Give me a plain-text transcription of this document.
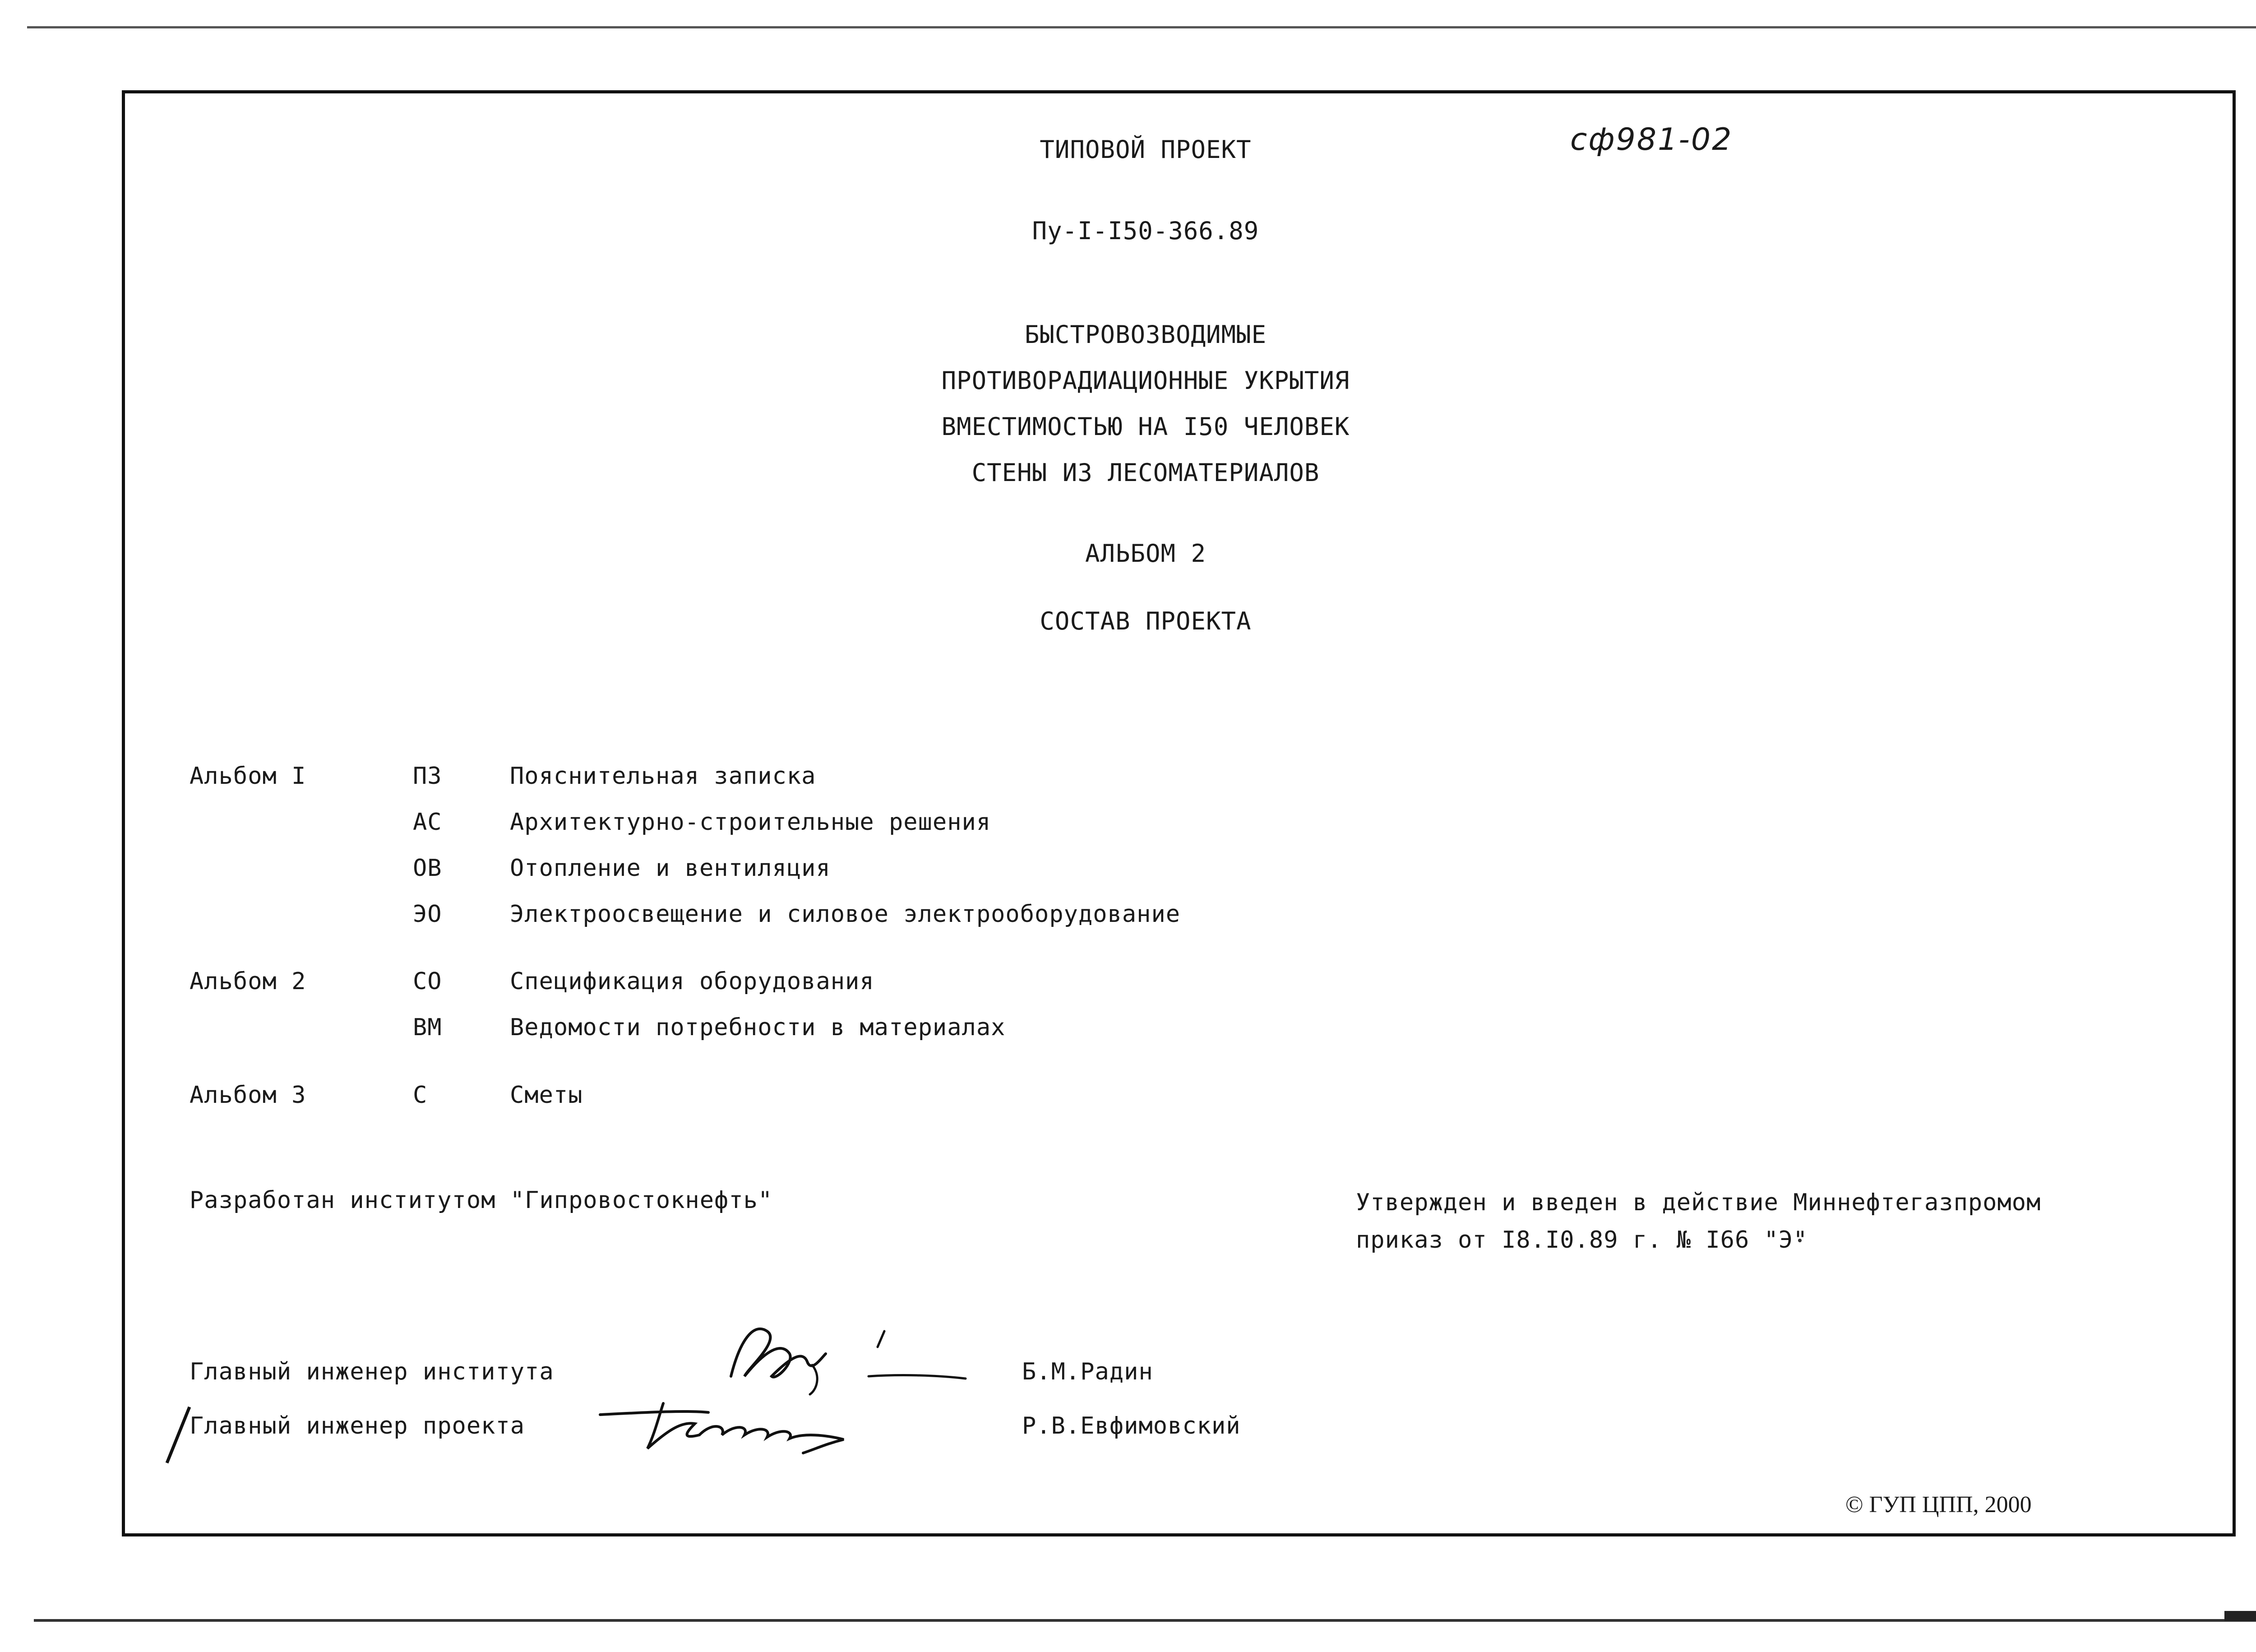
сф981-02
ТИПОВОЙ ПРОЕКТ
Пу-I-I50-366.89
БЫСТРОВОЗВОДИМЫЕ
ПРОТИВОРАДИАЦИОННЫЕ УКРЫТИЯ
ВМЕСТИМОСТЬЮ НА I50 ЧЕЛОВЕК
СТЕНЫ ИЗ ЛЕСОМАТЕРИАЛОВ
АЛЬБОМ 2
СОСТАВ ПРОЕКТА
Альбом I	ПЗ	Пояснительная записка
АС	Архитектурно-строительные решения
ОВ	Отопление и вентиляция
ЭО	Электроосвещение и силовое электрооборудование
Альбом 2	СО	Спецификация оборудования
ВМ	Ведомости потребности в материалах
Альбом 3	С	Сметы
Разработан институтом "Гипровостокнефть"	Утвержден и введен в действие Миннефтегазпромом
приказ от I8.I0.89 г. № I66 "Э"
Главный инженер института	Б.М.Радин
Главный инженер проекта	Р.В.Евфимовский
© ГУП ЦПП, 2000
